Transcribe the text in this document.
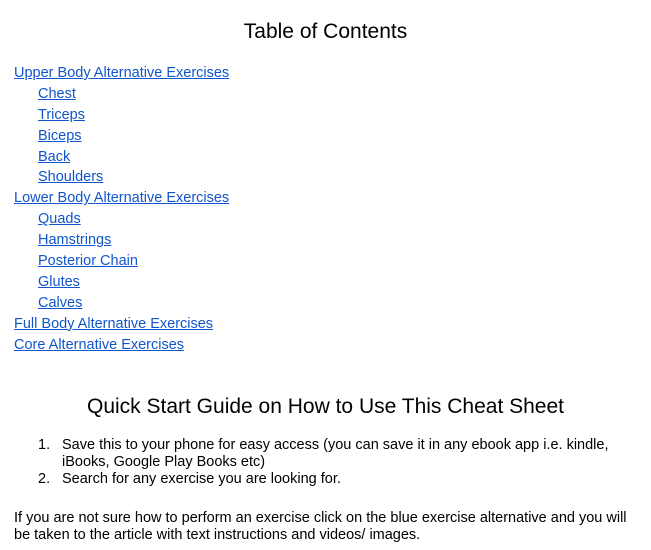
Table of Contents
Upper Body Alternative Exercises
Chest
Triceps
Biceps
Back
Shoulders
Lower Body Alternative Exercises
Quads
Hamstrings
Posterior Chain
Glutes
Calves
Full Body Alternative Exercises
Core Alternative Exercises
Quick Start Guide on How to Use This Cheat Sheet
1. Save this to your phone for easy access (you can save it in any ebook app i.e. kindle, iBooks, Google Play Books etc)
2. Search for any exercise you are looking for.

If you are not sure how to perform an exercise click on the blue exercise alternative and you will be taken to the article with text instructions and videos/ images.
